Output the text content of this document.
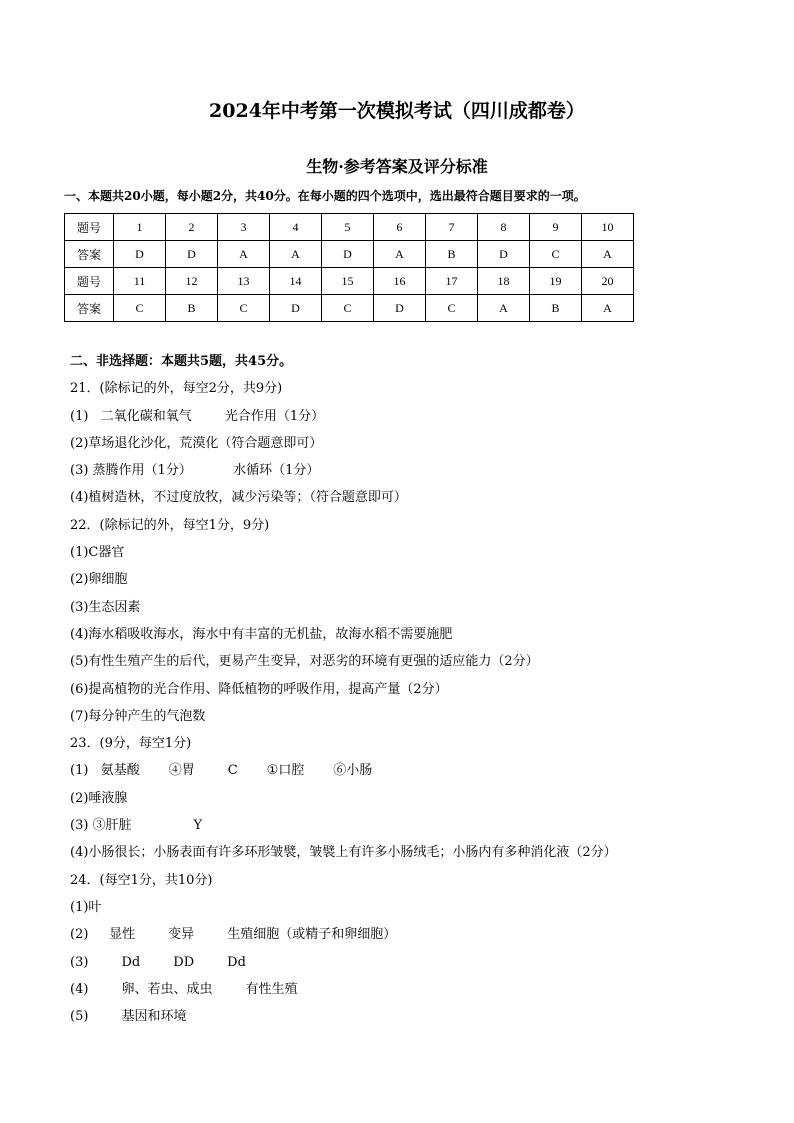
2024年中考第一次模拟考试（四川成都卷）
生物·参考答案及评分标准
一、本题共20小题，每小题2分，共40分。在每小题的四个选项中，选出最符合题目要求的一项。
题号	1	2	3	4	5	6	7	8	9	10
答案	D	D	A	A	D	A	B	D	C	A
题号	11	12	13	14	15	16	17	18	19	20
答案	C	B	C	D	C	D	C	A	B	A
二、非选择题：本题共5题，共45分。
21．(除标记的外，每空2分，共9分)
(1)   二氧化碳和氧气        光合作用（1分）
(2)草场退化沙化，荒漠化（符合题意即可）
(3) 蒸腾作用（1分）          水循环（1分）
(4)植树造林，不过度放牧，减少污染等；（符合题意即可）
22．(除标记的外，每空1分，9分)
(1)C器官
(2)卵细胞
(3)生态因素
(4)海水稻吸收海水，海水中有丰富的无机盐，故海水稻不需要施肥
(5)有性生殖产生的后代，更易产生变异，对恶劣的环境有更强的适应能力（2分）
(6)提高植物的光合作用、降低植物的呼吸作用，提高产量（2分）
(7)每分钟产生的气泡数
23．(9分，每空1分)
(1)   氨基酸       ④胃        C       ①口腔       ⑥小肠
(2)唾液腺
(3) ③肝脏               Y
(4)小肠很长；小肠表面有许多环形皱襞，皱襞上有许多小肠绒毛；小肠内有多种消化液（2分）
24．(每空1分，共10分)
(1)叶
(2)     显性        变异        生殖细胞（或精子和卵细胞）
(3)        Dd        DD        Dd
(4)        卵、若虫、成虫        有性生殖
(5)        基因和环境
